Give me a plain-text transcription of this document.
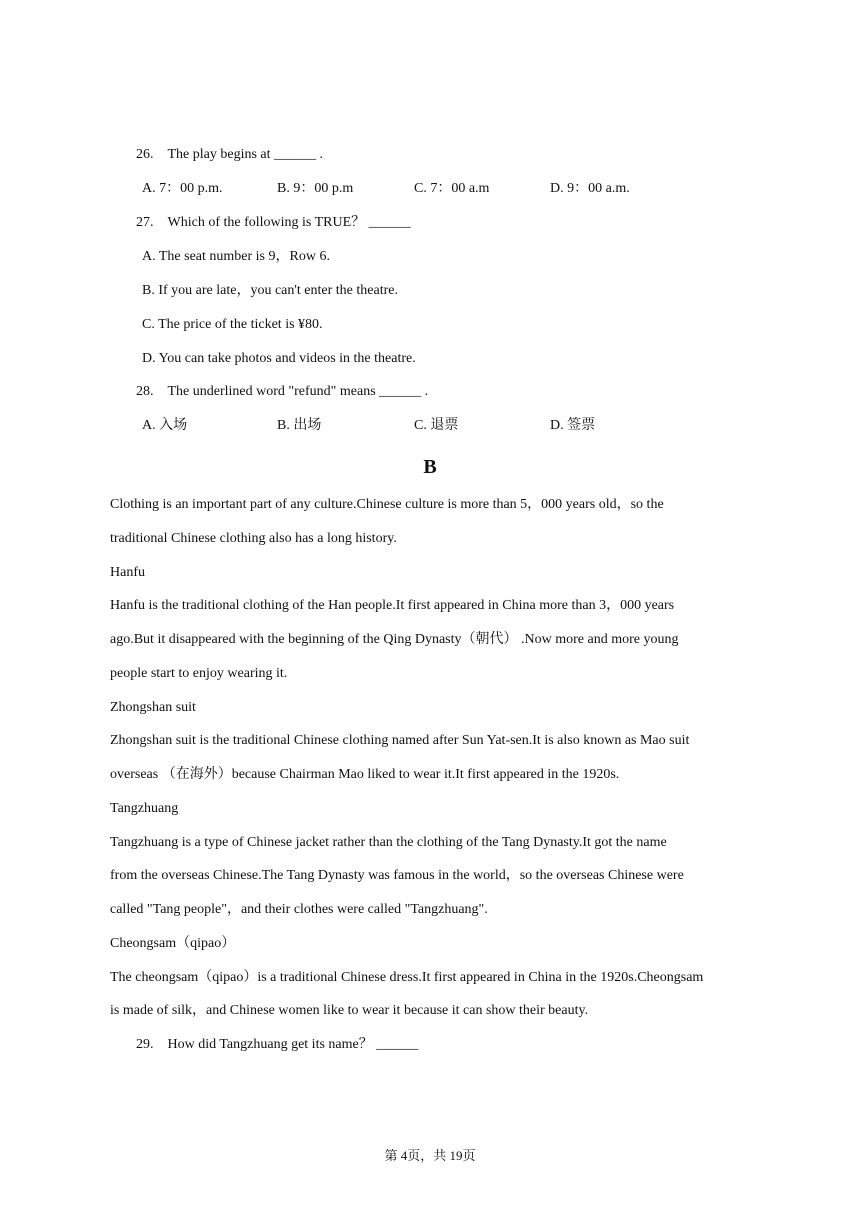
26.　The play begins at ______ .
A. 7：00 p.m.	B. 9：00 p.m	C. 7：00 a.m	D. 9：00 a.m.
27.　Which of the following is TRUE？ ______
A. The seat number is 9，Row 6.
B. If you are late，you can't enter the theatre.
C. The price of the ticket is ¥80.
D. You can take photos and videos in the theatre.
28.　The underlined word "refund" means ______ .
A. 入场	B. 出场	C. 退票	D. 签票
B
Clothing is an important part of any culture.Chinese culture is more than 5，000 years old，so the
traditional Chinese clothing also has a long history.
Hanfu
Hanfu is the traditional clothing of the Han people.It first appeared in China more than 3，000 years
ago.But it disappeared with the beginning of the Qing Dynasty（朝代） .Now more and more young
people start to enjoy wearing it.
Zhongshan suit
Zhongshan suit is the traditional Chinese clothing named after Sun Yat-sen.It is also known as Mao suit
overseas （在海外）because Chairman Mao liked to wear it.It first appeared in the 1920s.
Tangzhuang
Tangzhuang is a type of Chinese jacket rather than the clothing of the Tang Dynasty.It got the name
from the overseas Chinese.The Tang Dynasty was famous in the world，so the overseas Chinese were
called "Tang people"，and their clothes were called "Tangzhuang".
Cheongsam（qipao）
The cheongsam（qipao）is a traditional Chinese dress.It first appeared in China in the 1920s.Cheongsam
is made of silk，and Chinese women like to wear it because it can show their beauty.
29.　How did Tangzhuang get its name？ ______
第 4页，共 19页
